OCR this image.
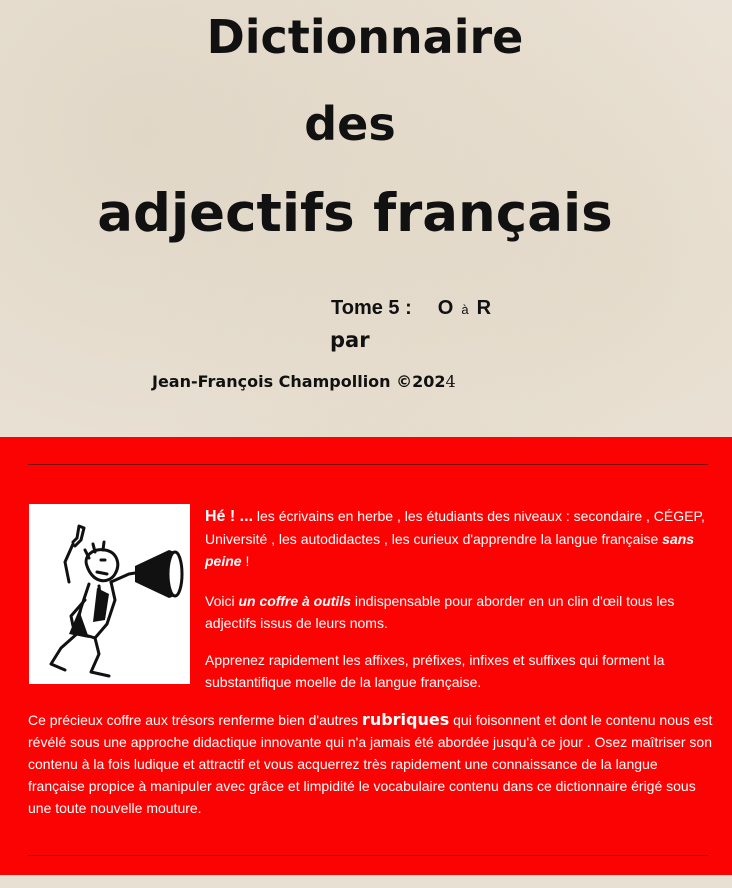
Dictionnaire
des
adjectifs français
Tome 5 : O à R
par
Jean-François Champollion ©2024

Hé ! ... les écrivains en herbe , les étudiants des niveaux : secondaire , CÉGEP, Université , les autodidactes , les curieux d'apprendre la langue française sans peine !

Voici un coffre à outils indispensable pour aborder en un clin d'œil tous les adjectifs issus de leurs noms.

Apprenez rapidement les affixes, préfixes, infixes et suffixes qui forment la substantifique moelle de la langue française.

Ce précieux coffre aux trésors renferme bien d'autres rubriques qui foisonnent et dont le contenu nous est révélé sous une approche didactique innovante qui n'a jamais été abordée jusqu'à ce jour . Osez maîtriser son contenu à la fois ludique et attractif et vous acquerrez très rapidement une connaissance de la langue française propice à manipuler avec grâce et limpidité le vocabulaire contenu dans ce dictionnaire érigé sous une toute nouvelle mouture.
